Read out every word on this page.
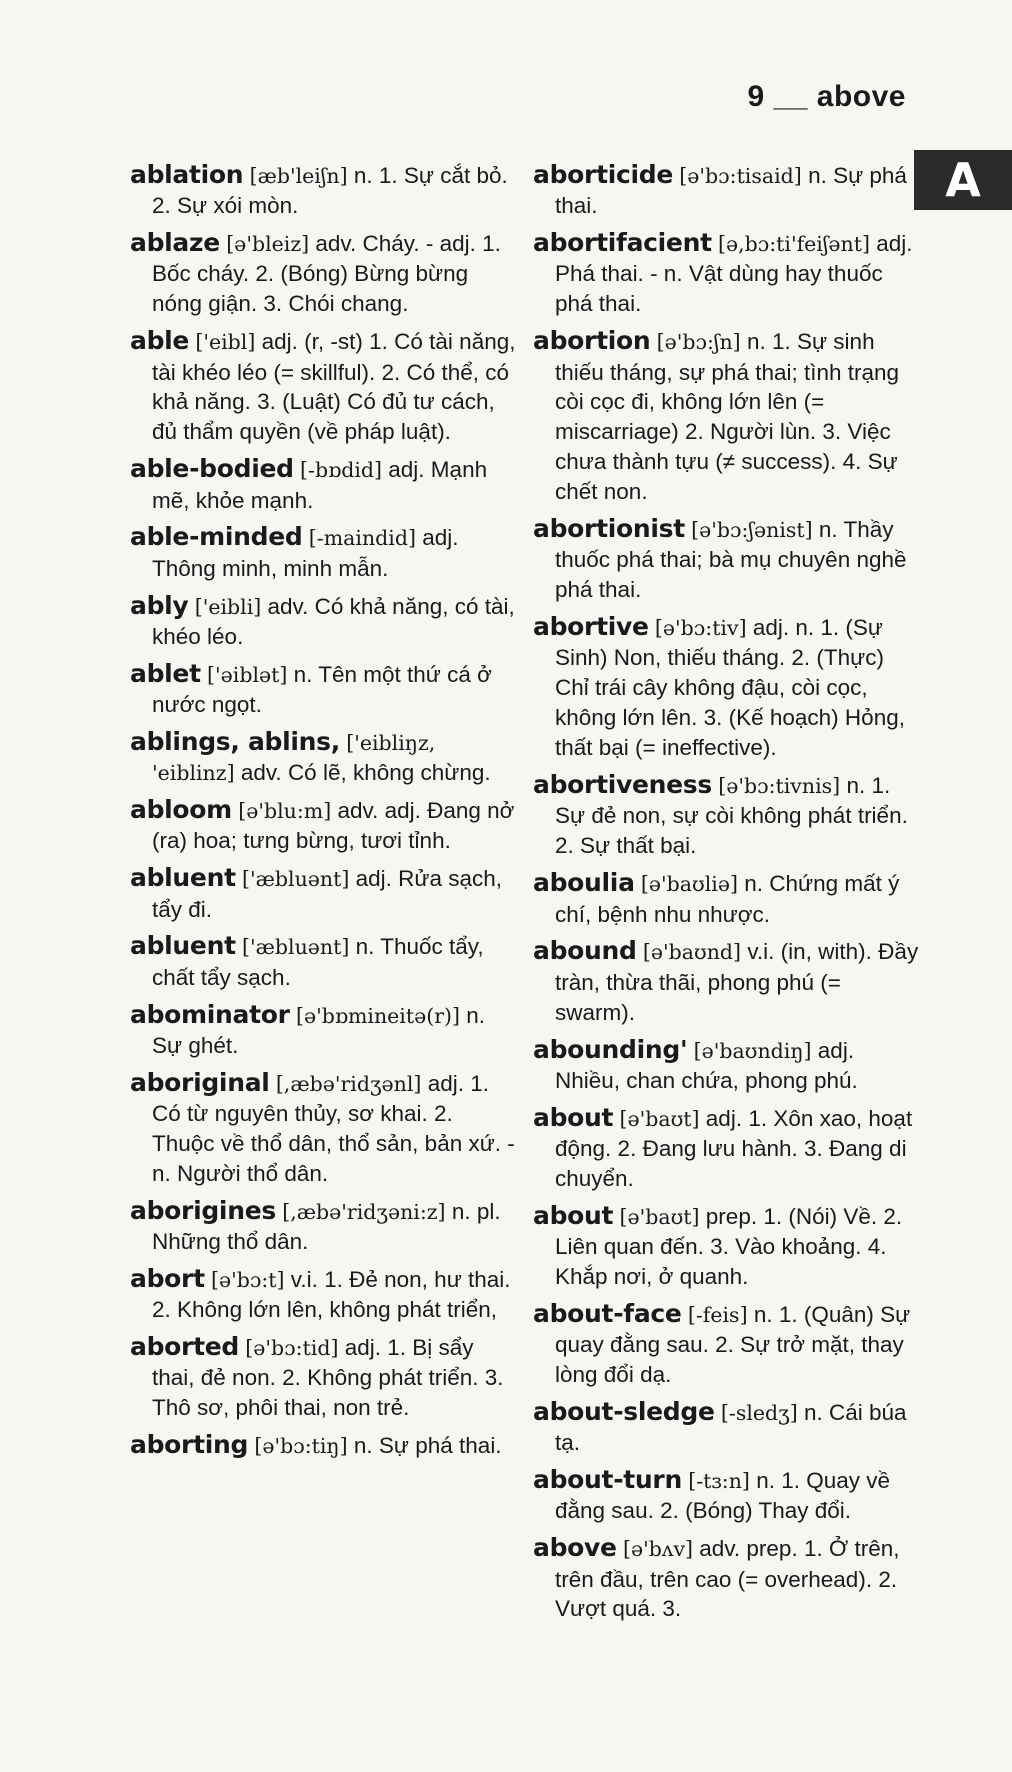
9 __ above
A

ablation [æb'leiʃn] n. 1. Sự cắt bỏ. 2. Sự xói mòn.

ablaze [ə'bleiz] adv. Cháy. - adj. 1. Bốc cháy. 2. (Bóng) Bừng bừng nóng giận. 3. Chói chang.

able ['eibl] adj. (r, -st) 1. Có tài năng, tài khéo léo (= skillful). 2. Có thể, có khả năng. 3. (Luật) Có đủ tư cách, đủ thẩm quyền (về pháp luật).

able-bodied [-bɒdid] adj. Mạnh mẽ, khỏe mạnh.

able-minded [-maindid] adj. Thông minh, minh mẫn.

ably ['eibli] adv. Có khả năng, có tài, khéo léo.

ablet ['əiblət] n. Tên một thứ cá ở nước ngọt.

ablings, ablins, ['eibliŋz, 'eiblinz] adv. Có lẽ, không chừng.

abloom [ə'blu:m] adv. adj. Đang nở (ra) hoa; tưng bừng, tươi tỉnh.

abluent ['æbluənt] adj. Rửa sạch, tẩy đi.

abluent ['æbluənt] n. Thuốc tẩy, chất tẩy sạch.

abominator [ə'bɒmineitə(r)] n. Sự ghét.

aboriginal [,æbə'ridʒənl] adj. 1. Có từ nguyên thủy, sơ khai. 2. Thuộc về thổ dân, thổ sản, bản xứ. - n. Người thổ dân.

aborigines [,æbə'ridʒəni:z] n. pl. Những thổ dân.

abort [ə'bɔ:t] v.i. 1. Đẻ non, hư thai. 2. Không lớn lên, không phát triển,

aborted [ə'bɔ:tid] adj. 1. Bị sẩy thai, đẻ non. 2. Không phát triển. 3. Thô sơ, phôi thai, non trẻ.

aborting [ə'bɔ:tiŋ] n. Sự phá thai.

aborticide [ə'bɔ:tisaid] n. Sự phá thai.

abortifacient [ə,bɔ:ti'feiʃənt] adj. Phá thai. - n. Vật dùng hay thuốc phá thai.

abortion [ə'bɔ:ʃn] n. 1. Sự sinh thiếu tháng, sự phá thai; tình trạng còi cọc đi, không lớn lên (= miscarriage) 2. Người lùn. 3. Việc chưa thành tựu (≠ success). 4. Sự chết non.

abortionist [ə'bɔ:ʃənist] n. Thầy thuốc phá thai; bà mụ chuyên nghề phá thai.

abortive [ə'bɔ:tiv] adj. n. 1. (Sự Sinh) Non, thiếu tháng. 2. (Thực) Chỉ trái cây không đậu, còi cọc, không lớn lên. 3. (Kế hoạch) Hỏng, thất bại (= ineffective).

abortiveness [ə'bɔ:tivnis] n. 1. Sự đẻ non, sự còi không phát triển. 2. Sự thất bại.

aboulia [ə'baʊliə] n. Chứng mất ý chí, bệnh nhu nhược.

abound [ə'baʊnd] v.i. (in, with). Đầy tràn, thừa thãi, phong phú (= swarm).

abounding' [ə'baʊndiŋ] adj. Nhiều, chan chứa, phong phú.

about [ə'baʊt] adj. 1. Xôn xao, hoạt động. 2. Đang lưu hành. 3. Đang di chuyển.

about [ə'baʊt] prep. 1. (Nói) Về. 2. Liên quan đến. 3. Vào khoảng. 4. Khắp nơi, ở quanh.

about-face [-feis] n. 1. (Quân) Sự quay đằng sau. 2. Sự trở mặt, thay lòng đổi dạ.

about-sledge [-sledʒ] n. Cái búa tạ.

about-turn [-tɜ:n] n. 1. Quay về đằng sau. 2. (Bóng) Thay đổi.

above [ə'bʌv] adv. prep. 1. Ở trên, trên đầu, trên cao (= overhead). 2. Vượt quá. 3.
